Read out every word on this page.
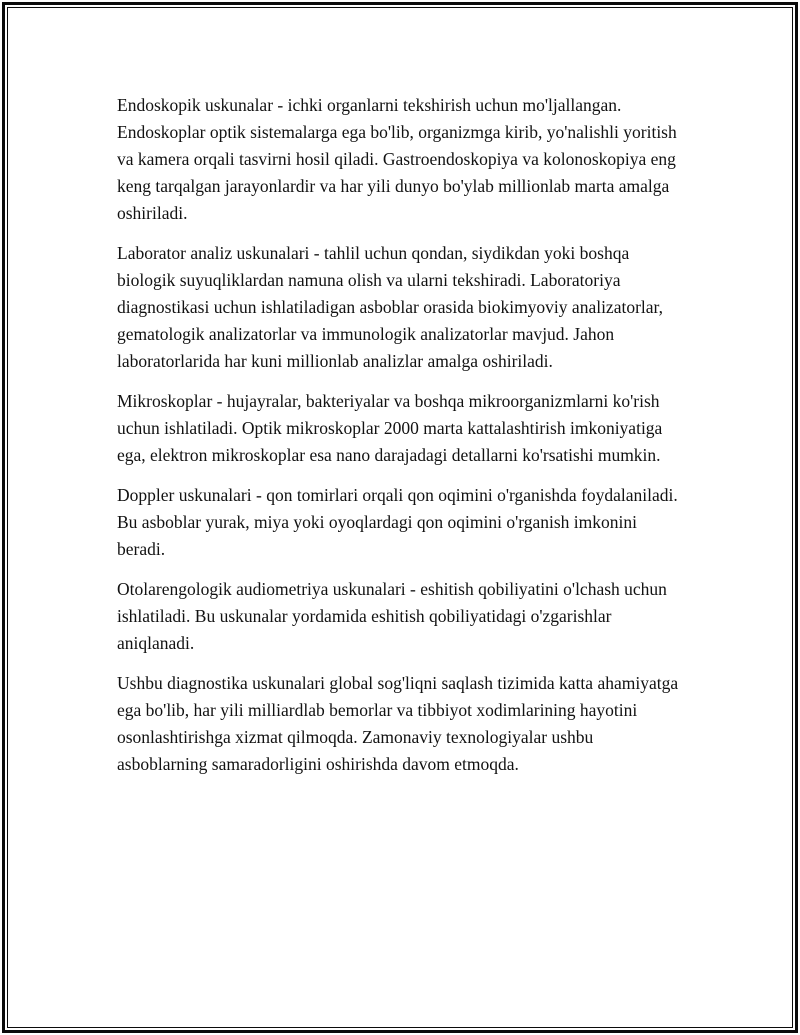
Endoskopik uskunalar - ichki organlarni tekshirish uchun mo'ljallangan. Endoskoplar optik sistemalarga ega bo'lib, organizmga kirib, yo'nalishli yoritish va kamera orqali tasvirni hosil qiladi. Gastroendoskopiya va kolonoskopiya eng keng tarqalgan jarayonlardir va har yili dunyo bo'ylab millionlab marta amalga oshiriladi.

Laborator analiz uskunalari - tahlil uchun qondan, siydikdan yoki boshqa biologik suyuqliklardan namuna olish va ularni tekshiradi. Laboratoriya diagnostikasi uchun ishlatiladigan asboblar orasida biokimyoviy analizatorlar, gematologik analizatorlar va immunologik analizatorlar mavjud. Jahon laboratorlarida har kuni millionlab analizlar amalga oshiriladi.

Mikroskoplar - hujayralar, bakteriyalar va boshqa mikroorganizmlarni ko'rish uchun ishlatiladi. Optik mikroskoplar 2000 marta kattalashtirish imkoniyatiga ega, elektron mikroskoplar esa nano darajadagi detallarni ko'rsatishi mumkin.

Doppler uskunalari - qon tomirlari orqali qon oqimini o'rganishda foydalaniladi. Bu asboblar yurak, miya yoki oyoqlardagi qon oqimini o'rganish imkonini beradi.

Otolarengologik audiometriya uskunalari - eshitish qobiliyatini o'lchash uchun ishlatiladi. Bu uskunalar yordamida eshitish qobiliyatidagi o'zgarishlar aniqlanadi.

Ushbu diagnostika uskunalari global sog'liqni saqlash tizimida katta ahamiyatga ega bo'lib, har yili milliardlab bemorlar va tibbiyot xodimlarining hayotini osonlashtirishga xizmat qilmoqda. Zamonaviy texnologiyalar ushbu asboblarning samaradorligini oshirishda davom etmoqda.
